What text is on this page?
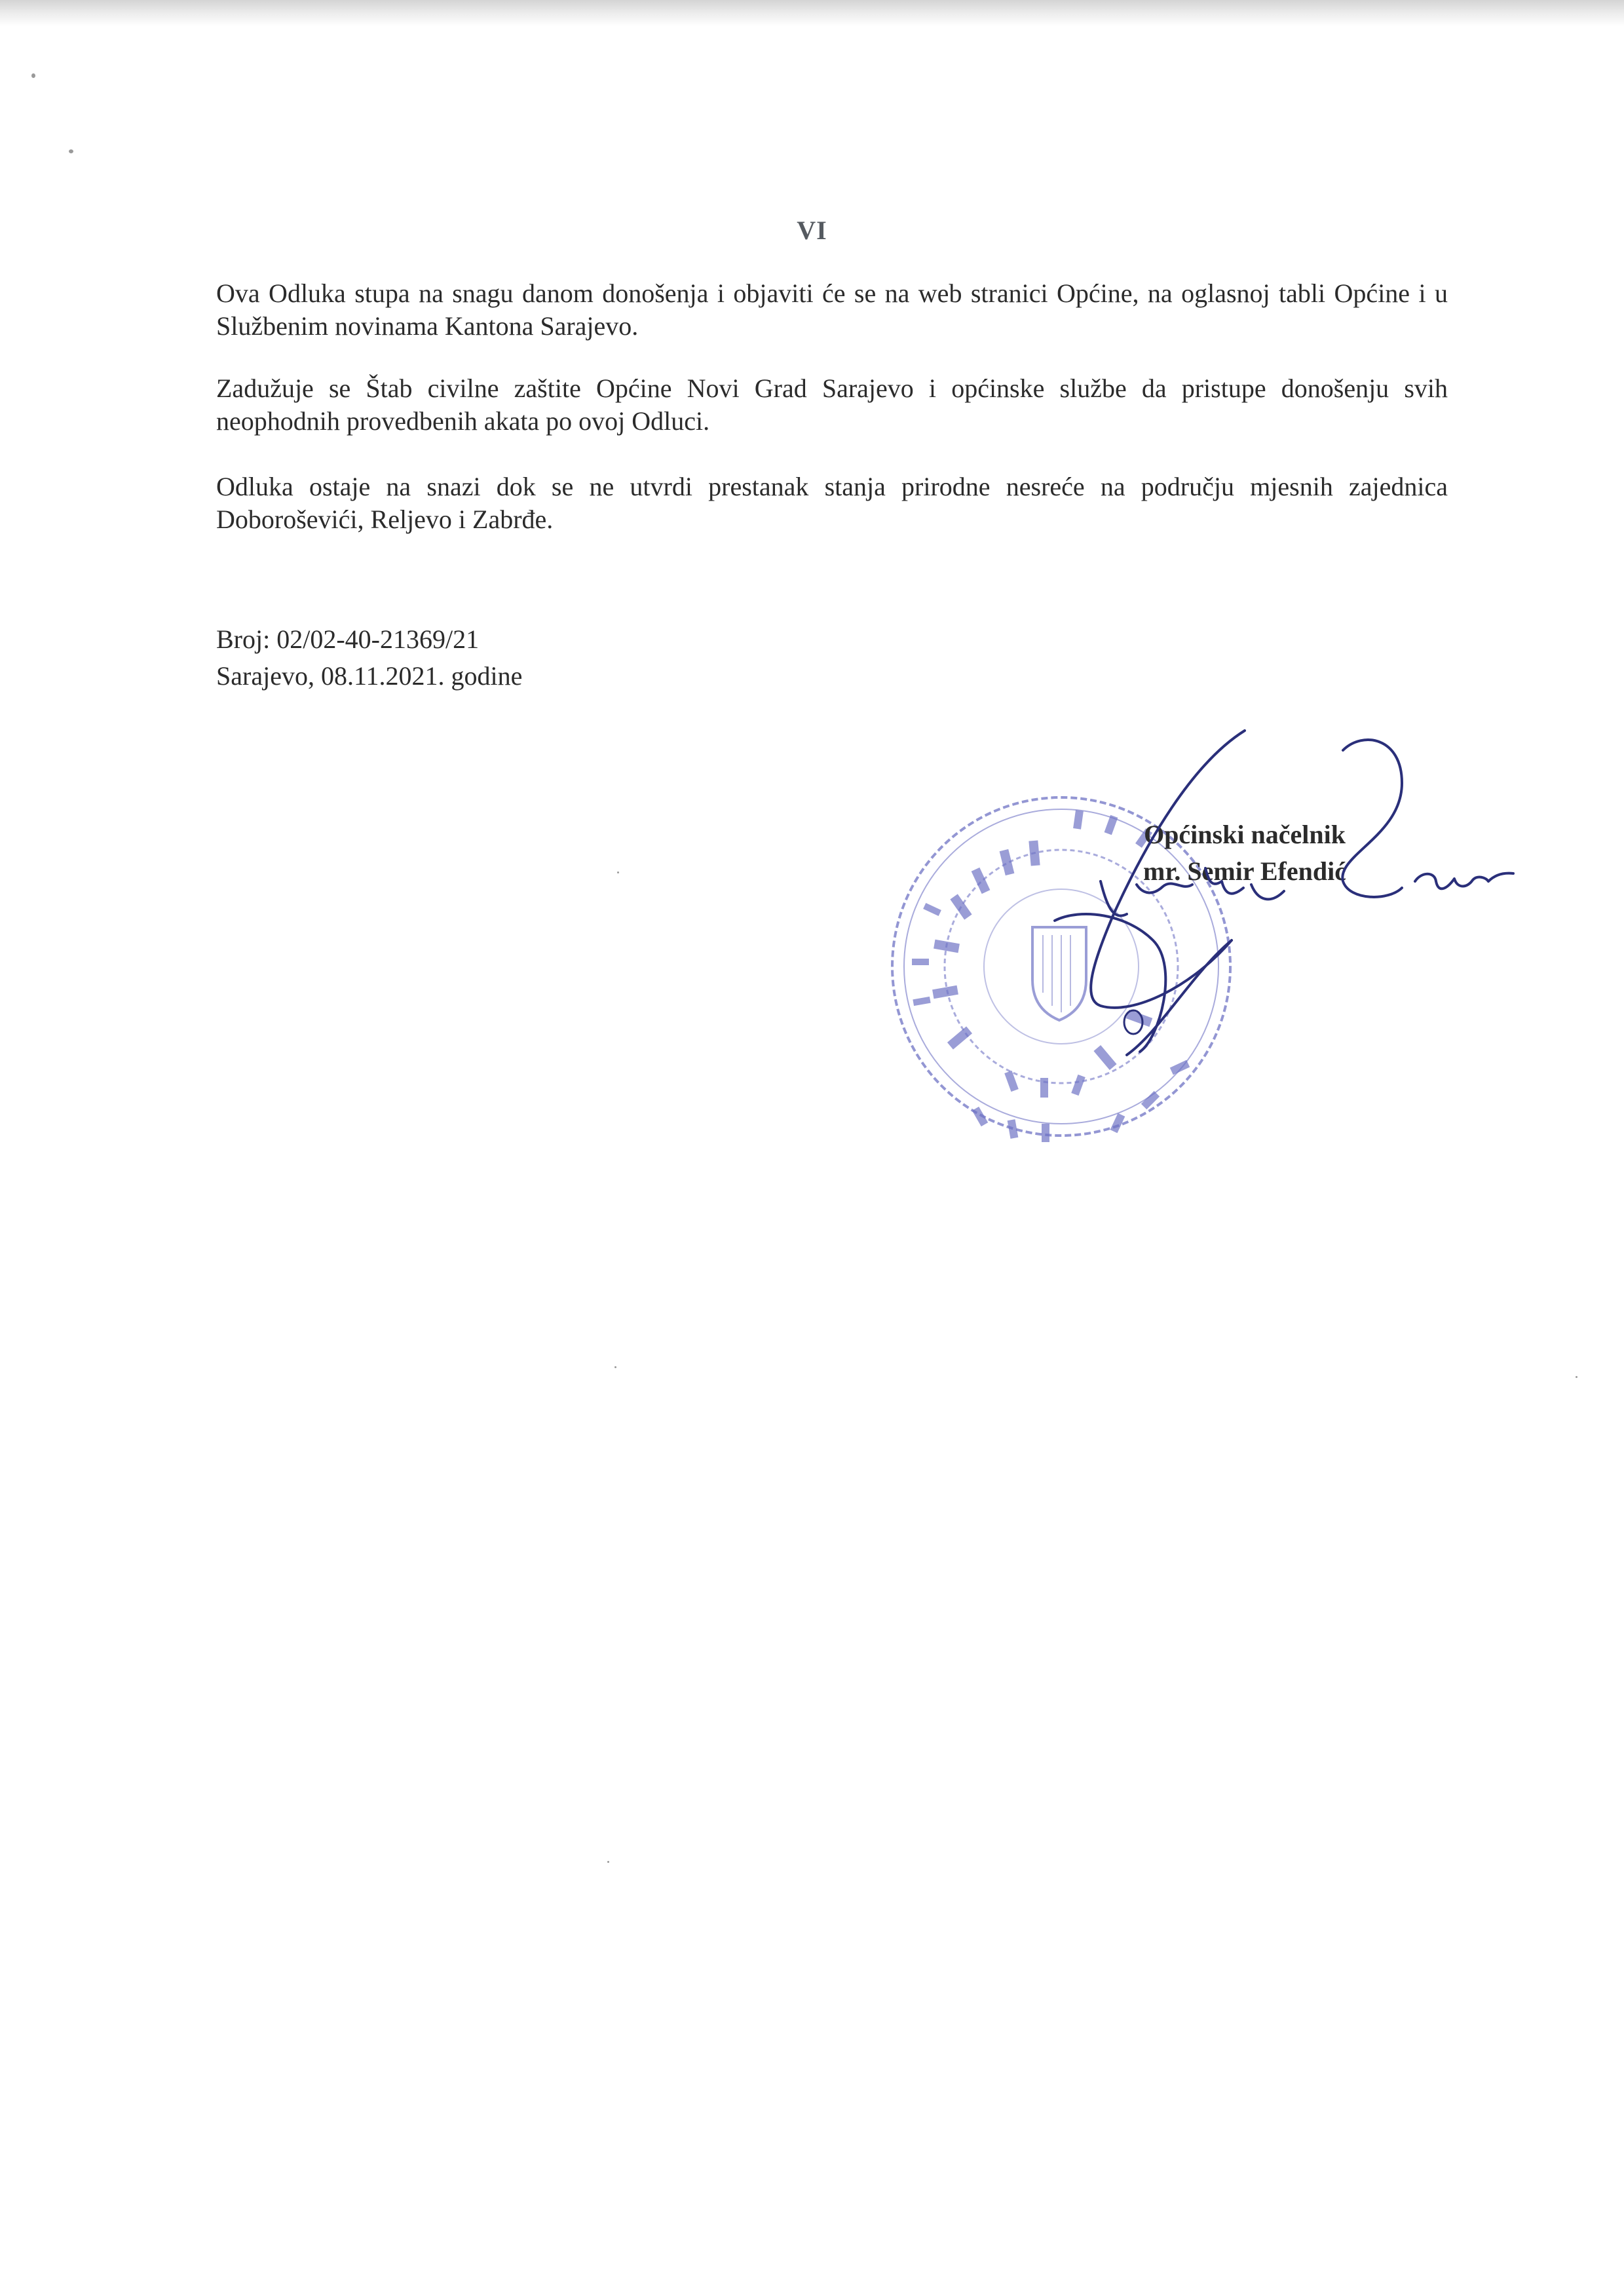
VI

Ova Odluka stupa na snagu danom donošenja i objaviti će se na web stranici Općine, na oglasnoj tabli Općine i u Službenim novinama Kantona Sarajevo.

Zadužuje se Štab civilne zaštite Općine Novi Grad Sarajevo i općinske službe da pristupe donošenju svih neophodnih provedbenih akata po ovoj Odluci.

Odluka ostaje na snazi dok se ne utvrdi prestanak stanja prirodne nesreće na području mjesnih zajednica Doboroševići, Reljevo i Zabrđe.

Broj: 02/02-40-21369/21
Sarajevo, 08.11.2021. godine
Općinski načelnik
mr. Semir Efendić
